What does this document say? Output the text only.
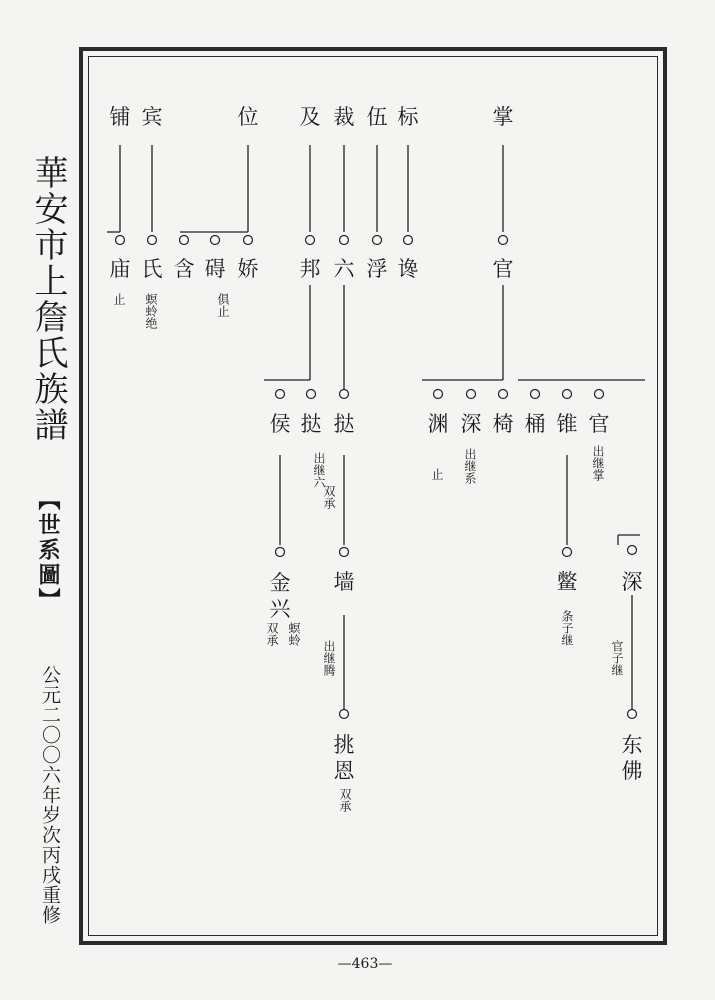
華安市上詹氏族譜
【世系圖】
公元二〇〇六年岁次丙戌重修
—463—
铺 宾	位 及 裁 伍 标	掌
庙 氏 含 碍 娇 邦 六 浮 谗	官
止 螟蛉绝	俱止
侯 挞 挞	渊 深 椅 桶 锥 官
出继六
双承
止 出继系	出继掌
金兴
墙	鳖 深
螟蛉
双承
出继腾
条子继
官子继
挑恩
东佛
双承
